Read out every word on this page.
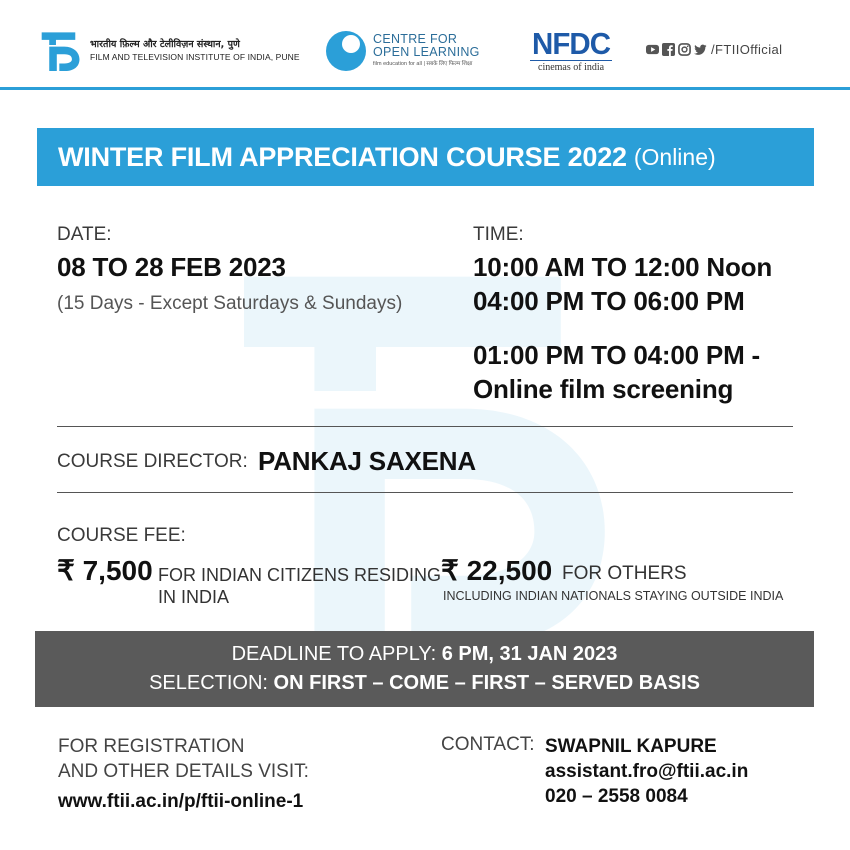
भारतीय फ़िल्म और टेलीविज़न संस्थान, पुणे
FILM AND TELEVISION INSTITUTE OF INDIA, PUNE
CENTRE FOR
OPEN LEARNING
film education for all | सबके लिए फिल्म शिक्षा
NFDC
cinemas of india
/FTIIOfficial
WINTER FILM APPRECIATION COURSE 2022 (Online)
DATE:
08 TO 28 FEB 2023
(15 Days - Except Saturdays & Sundays)
TIME:
10:00 AM TO 12:00 Noon
04:00 PM TO 06:00 PM
01:00 PM TO 04:00 PM -
Online film screening
COURSE DIRECTOR: PANKAJ SAXENA
COURSE FEE:
₹ 7,500 FOR INDIAN CITIZENS RESIDING
IN INDIA
₹ 22,500 FOR OTHERS
INCLUDING INDIAN NATIONALS STAYING OUTSIDE INDIA
DEADLINE TO APPLY: 6 PM, 31 JAN 2023
SELECTION: ON FIRST – COME – FIRST – SERVED BASIS
FOR REGISTRATION
AND OTHER DETAILS VISIT:
www.ftii.ac.in/p/ftii-online-1
CONTACT: SWAPNIL KAPURE
assistant.fro@ftii.ac.in
020 – 2558 0084
